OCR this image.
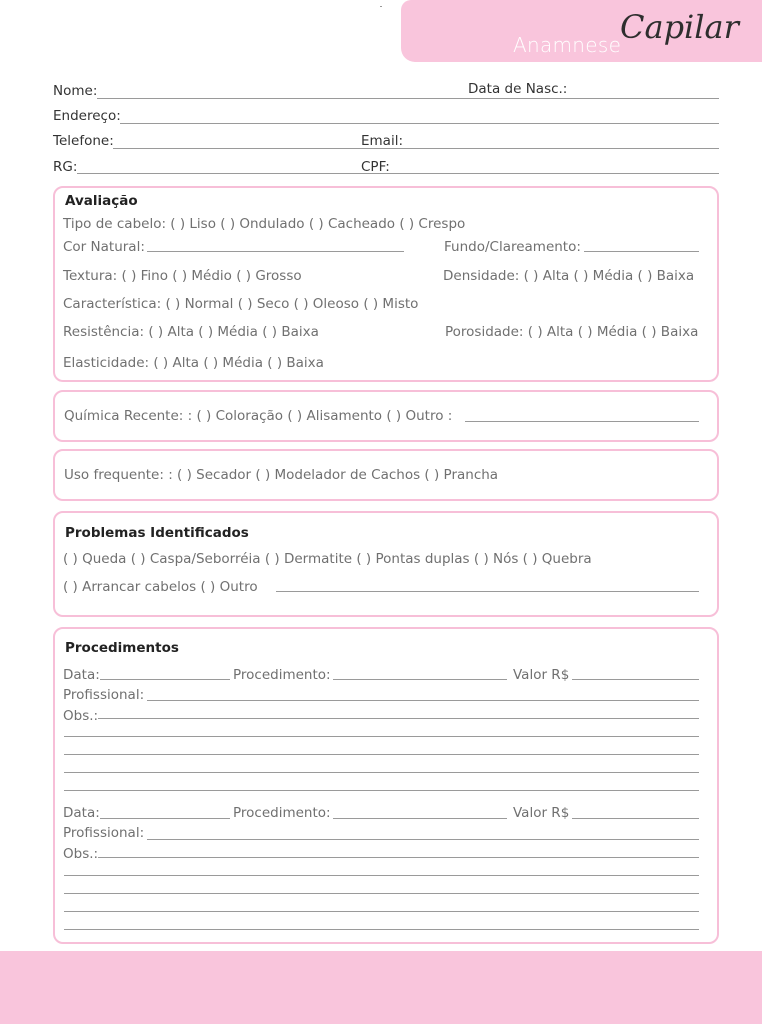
Anamnese
Capilar
Nome:	Data de Nasc.:
Endereço:
Telefone:	Email:
RG:	CPF:
Avaliação
Tipo de cabelo: ( ) Liso ( ) Ondulado ( ) Cacheado ( ) Crespo
Cor Natural:	Fundo/Clareamento:
Textura: ( ) Fino ( ) Médio ( ) Grosso	Densidade: ( ) Alta ( ) Média ( ) Baixa
Característica: ( ) Normal ( ) Seco ( ) Oleoso ( ) Misto
Resistência: ( ) Alta ( ) Média ( ) Baixa	Porosidade: ( ) Alta ( ) Média ( ) Baixa
Elasticidade: ( ) Alta ( ) Média ( ) Baixa
Química Recente: : ( ) Coloração ( ) Alisamento ( ) Outro :
Uso frequente: : ( ) Secador ( ) Modelador de Cachos ( ) Prancha
Problemas Identificados
( ) Queda ( ) Caspa/Seborréia ( ) Dermatite ( ) Pontas duplas ( ) Nós ( ) Quebra
( ) Arrancar cabelos ( ) Outro
Procedimentos
Data:	Procedimento:	Valor R$
Profissional:
Obs.:
Data:	Procedimento:	Valor R$
Profissional:
Obs.:
